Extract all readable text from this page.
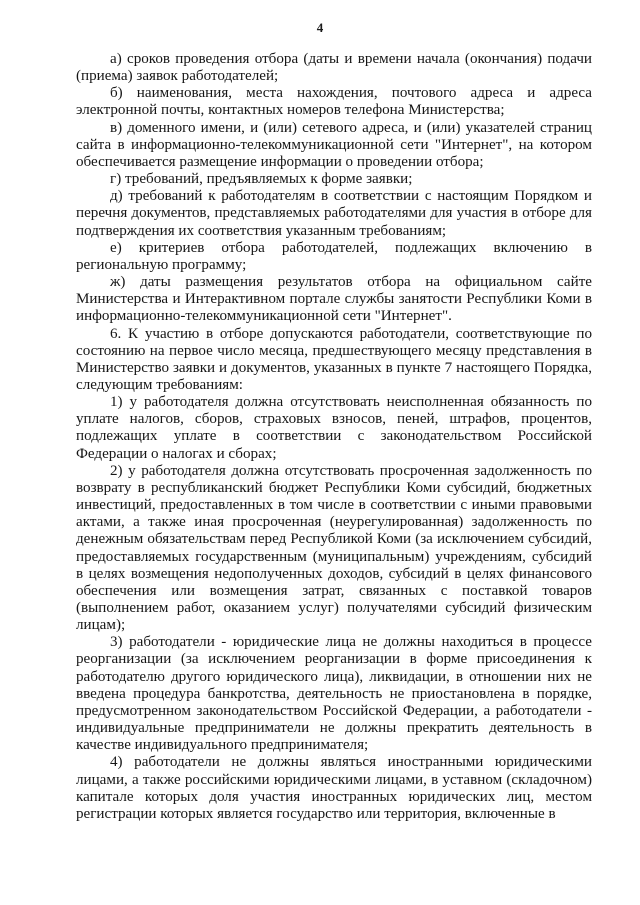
4

а) сроков проведения отбора (даты и времени начала (окончания) подачи (приема) заявок работодателей;

б) наименования, места нахождения, почтового адреса и адреса электронной почты, контактных номеров телефона Министерства;

в) доменного имени, и (или) сетевого адреса, и (или) указателей страниц сайта в информационно-телекоммуникационной сети "Интернет", на котором обеспечивается размещение информации о проведении отбора;

г) требований, предъявляемых к форме заявки;

д) требований к работодателям в соответствии с настоящим Порядком и перечня документов, представляемых работодателями для участия в отборе для подтверждения их соответствия указанным требованиям;

е) критериев отбора работодателей, подлежащих включению в региональную программу;

ж) даты размещения результатов отбора на официальном сайте Министерства и Интерактивном портале службы занятости Республики Коми в информационно-телекоммуникационной сети "Интернет".

6. К участию в отборе допускаются работодатели, соответствующие по состоянию на первое число месяца, предшествующего месяцу представления в Министерство заявки и документов, указанных в пункте 7 настоящего Порядка, следующим требованиям:

1) у работодателя должна отсутствовать неисполненная обязанность по уплате налогов, сборов, страховых взносов, пеней, штрафов, процентов, подлежащих уплате в соответствии с законодательством Российской Федерации о налогах и сборах;

2) у работодателя должна отсутствовать просроченная задолженность по возврату в республиканский бюджет Республики Коми субсидий, бюджетных инвестиций, предоставленных в том числе в соответствии с иными правовыми актами, а также иная просроченная (неурегулированная) задолженность по денежным обязательствам перед Республикой Коми (за исключением субсидий, предоставляемых государственным (муниципальным) учреждениям, субсидий в целях возмещения недополученных доходов, субсидий в целях финансового обеспечения или возмещения затрат, связанных с поставкой товаров (выполнением работ, оказанием услуг) получателями субсидий физическим лицам);

3) работодатели - юридические лица не должны находиться в процессе реорганизации (за исключением реорганизации в форме присоединения к работодателю другого юридического лица), ликвидации, в отношении них не введена процедура банкротства, деятельность не приостановлена в порядке, предусмотренном законодательством Российской Федерации, а работодатели - индивидуальные предприниматели не должны прекратить деятельность в качестве индивидуального предпринимателя;

4) работодатели не должны являться иностранными юридическими лицами, а также российскими юридическими лицами, в уставном (складочном) капитале которых доля участия иностранных юридических лиц, местом регистрации которых является государство или территория, включенные в
